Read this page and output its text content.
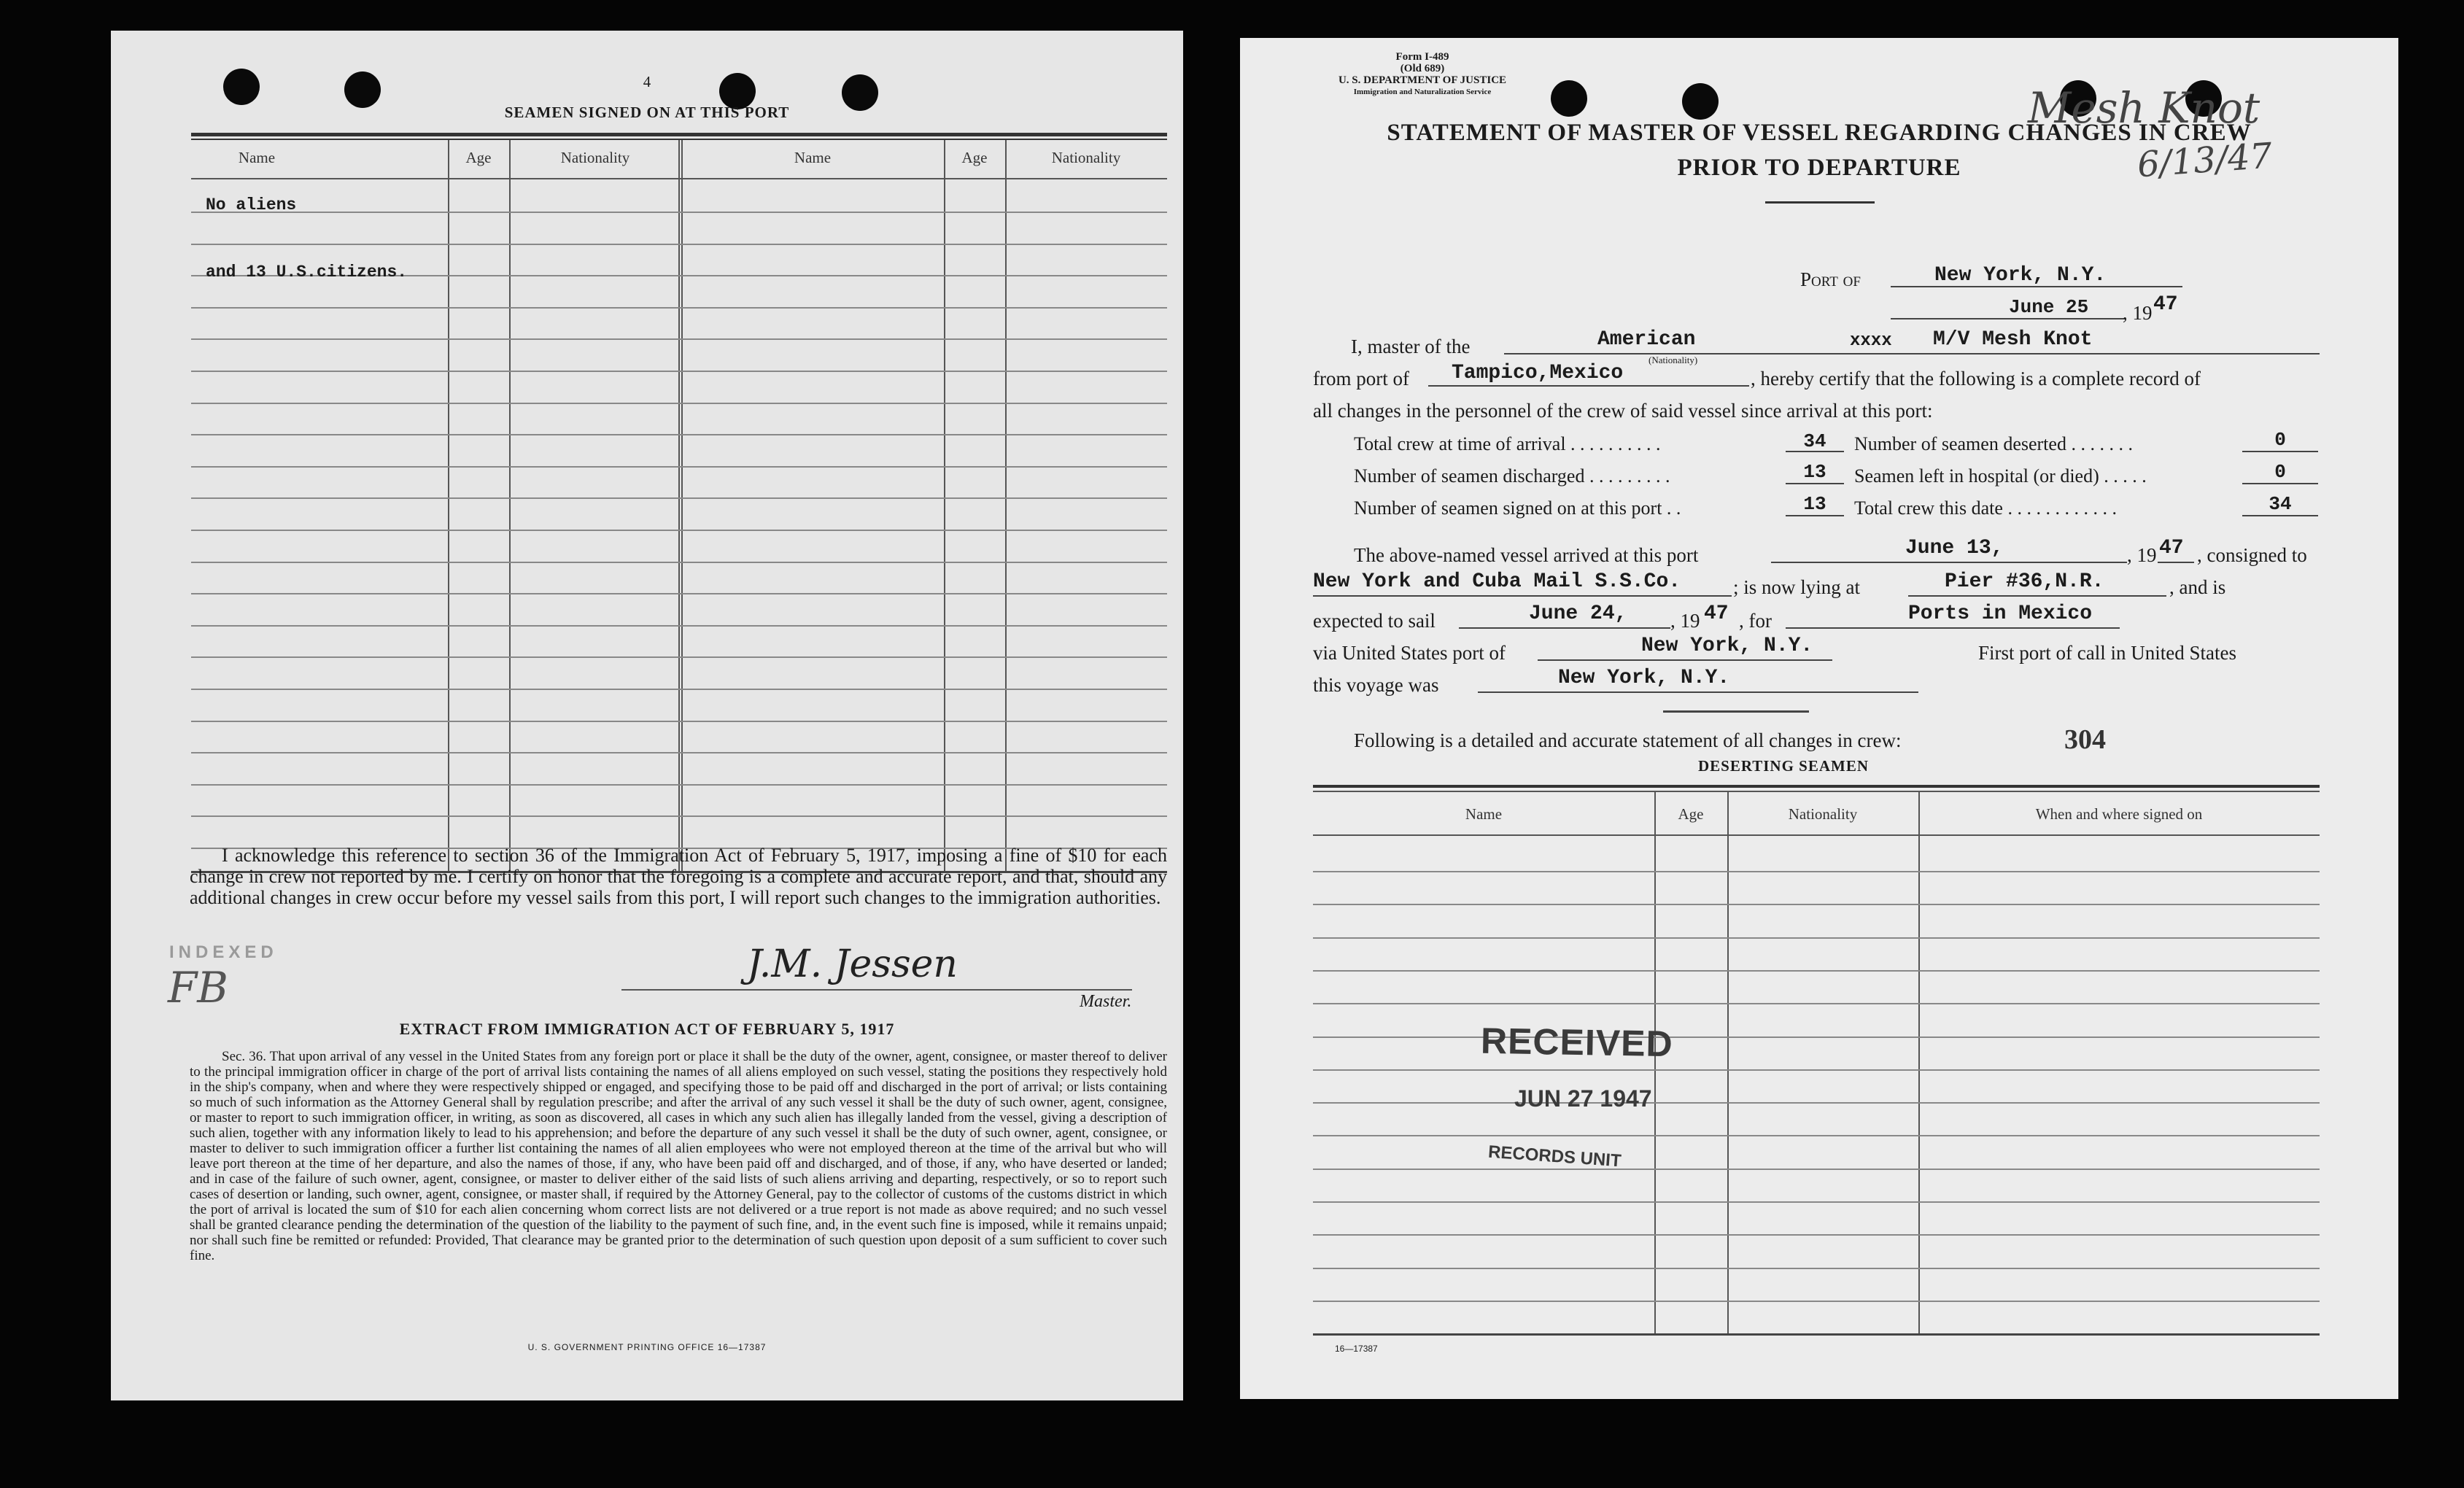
4
SEAMEN SIGNED ON AT THIS PORT
Name	Age	Nationality	Name	Age	Nationality
No aliens
and 13 U.S.citizens.
I acknowledge this reference to section 36 of the Immigration Act of February 5, 1917, imposing a fine of $10 for each change in crew not reported by me. I certify on honor that the foregoing is a complete and accurate report, and that, should any additional changes in crew occur before my vessel sails from this port, I will report such changes to the immigration authorities.
INDEXED
FB	J.M. Jessen
Master.
EXTRACT FROM IMMIGRATION ACT OF FEBRUARY 5, 1917
Sec. 36. That upon arrival of any vessel in the United States from any foreign port or place it shall be the duty of the owner, agent, consignee, or master thereof to deliver to the principal immigration officer in charge of the port of arrival lists containing the names of all aliens employed on such vessel, stating the positions they respectively hold in the ship's company, when and where they were respectively shipped or engaged, and specifying those to be paid off and discharged in the port of arrival; or lists containing so much of such information as the Attorney General shall by regulation prescribe; and after the arrival of any such vessel it shall be the duty of such owner, agent, consignee, or master to report to such immigration officer, in writing, as soon as discovered, all cases in which any such alien has illegally landed from the vessel, giving a description of such alien, together with any information likely to lead to his apprehension; and before the departure of any such vessel it shall be the duty of such owner, agent, consignee, or master to deliver to such immigration officer a further list containing the names of all alien employees who were not employed thereon at the time of the arrival but who will leave port thereon at the time of her departure, and also the names of those, if any, who have been paid off and discharged, and of those, if any, who have deserted or landed; and in case of the failure of such owner, agent, consignee, or master to deliver either of the said lists of such aliens arriving and departing, respectively, or so to report such cases of desertion or landing, such owner, agent, consignee, or master shall, if required by the Attorney General, pay to the collector of customs of the customs district in which the port of arrival is located the sum of $10 for each alien concerning whom correct lists are not delivered or a true report is not made as above required; and no such vessel shall be granted clearance pending the determination of the question of the liability to the payment of such fine, and, in the event such fine is imposed, while it remains unpaid; nor shall such fine be remitted or refunded: Provided, That clearance may be granted prior to the determination of such question upon deposit of a sum sufficient to cover such fine.
U. S. GOVERNMENT PRINTING OFFICE 16—17387
Form I-489
(Old 689)
U. S. DEPARTMENT OF JUSTICE
Immigration and Naturalization Service	Mesh Knot
6/13/47
STATEMENT OF MASTER OF VESSEL REGARDING CHANGES IN CREW
PRIOR TO DEPARTURE
Port of	New York, N.Y.
June 25 , 19 47
I, master of the	American
(Nationality)
xxxx M/V Mesh Knot
from port of Tampico,Mexico	, hereby certify that the following is a complete record of
all changes in the personnel of the crew of said vessel since arrival at this port:
Total crew at time of arrival . . . . . . . . . .	34	Number of seamen deserted . . . . . . .	0
Number of seamen discharged . . . . . . . . .	13	Seamen left in hospital (or died) . . . . .	0
Number of seamen signed on at this port . .	13	Total crew this date . . . . . . . . . . . .	34
The above-named vessel arrived at this port	June 13,	, 19 47 , consigned to
New York and Cuba Mail S.S.Co.	; is now lying at	Pier #36,N.R.	, and is
expected to sail	June 24, , 19 47 , for	Ports in Mexico
via United States port of	New York, N.Y.	First port of call in United States
this voyage was	New York, N.Y.
Following is a detailed and accurate statement of all changes in crew:	304
DESERTING SEAMEN
Name	Age	Nationality	When and where signed on
RECEIVED
JUN 27 1947
RECORDS UNIT
16—17387
